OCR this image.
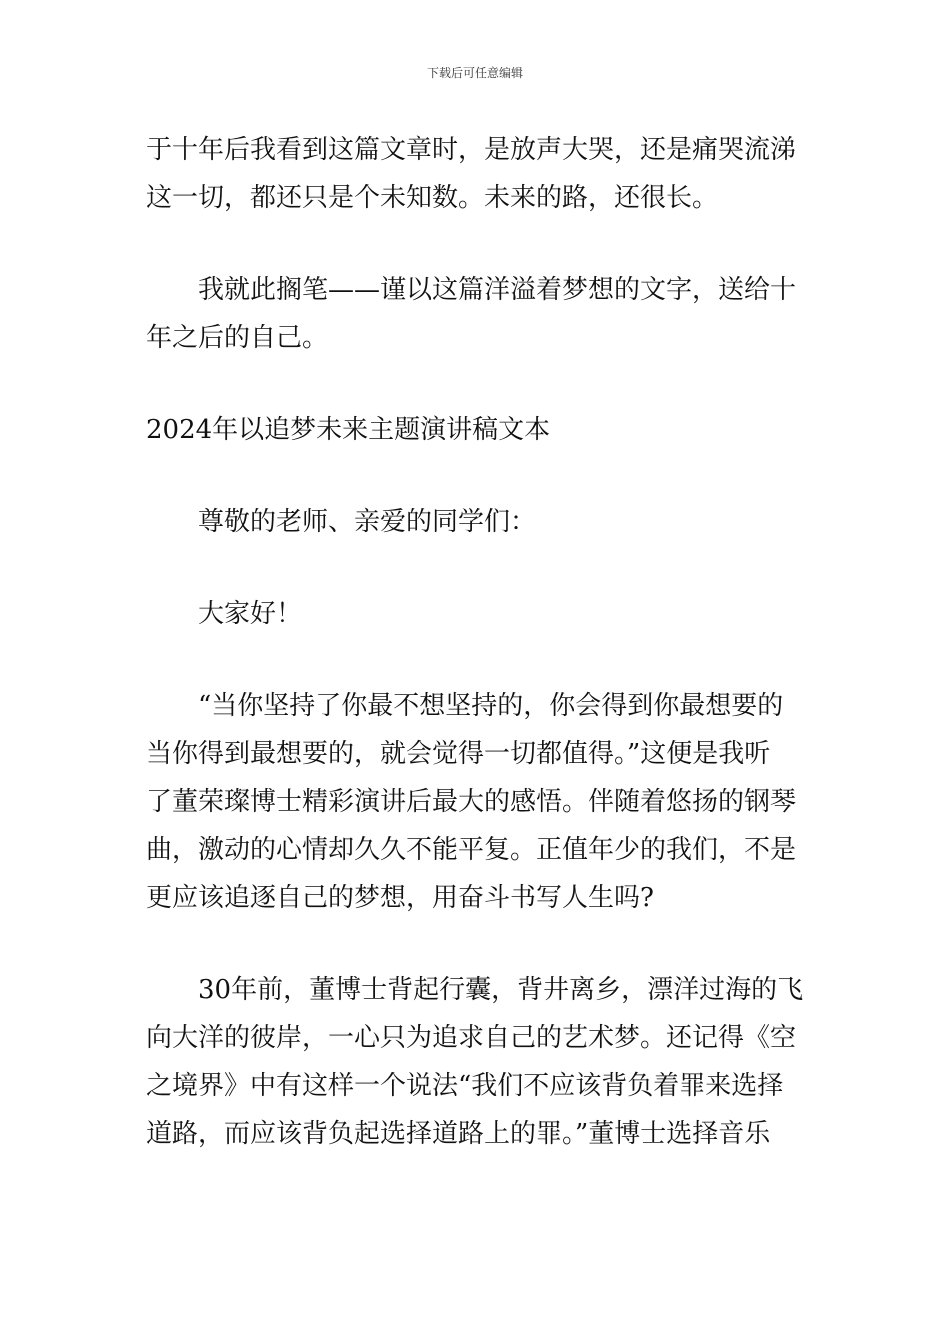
下载后可任意编辑
于十年后我看到这篇文章时，是放声大哭，还是痛哭流涕
这一切，都还只是个未知数。未来的路，还很长。
我就此搁笔——谨以这篇洋溢着梦想的文字，送给十
年之后的自己。
2024年以追梦未来主题演讲稿文本
尊敬的老师、亲爱的同学们：
大家好！
“当你坚持了你最不想坚持的，你会得到你最想要的
当你得到最想要的，就会觉得一切都值得。”这便是我听
了董荣璨博士精彩演讲后最大的感悟。伴随着悠扬的钢琴
曲，激动的心情却久久不能平复。正值年少的我们，不是
更应该追逐自己的梦想，用奋斗书写人生吗?
30年前，董博士背起行囊，背井离乡，漂洋过海的飞
向大洋的彼岸，一心只为追求自己的艺术梦。还记得《空
之境界》中有这样一个说法“我们不应该背负着罪来选择
道路，而应该背负起选择道路上的罪。”董博士选择音乐
